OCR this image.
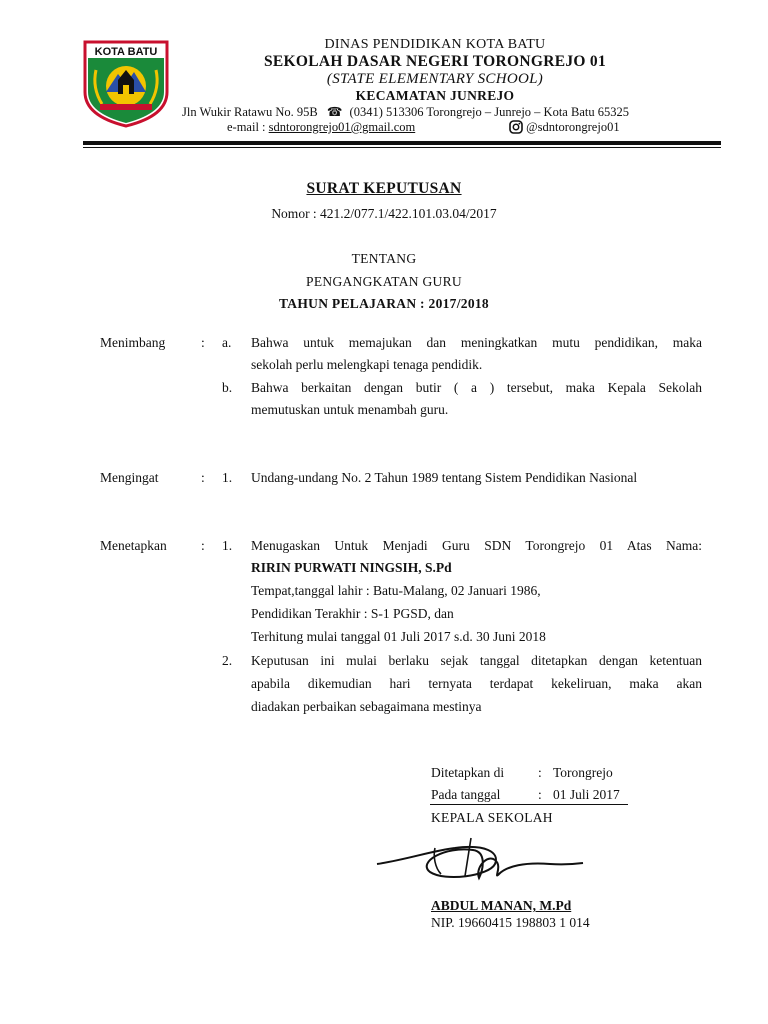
KOTA BATU	DINAS PENDIDIKAN KOTA BATU
SEKOLAH DASAR NEGERI TORONGREJO 01
(STATE ELEMENTARY SCHOOL)
KECAMATAN JUNREJO
Jln Wukir Ratawu No. 95B ☎ (0341) 513306 Torongrejo – Junrejo – Kota Batu 65325
e-mail : sdntorongrejo01@gmail.com	@sdntorongrejo01
SURAT KEPUTUSAN
Nomor : 421.2/077.1/422.101.03.04/2017
TENTANG
PENGANGKATAN GURU
TAHUN PELAJARAN : 2017/2018
Menimbang	: a. Bahwa untuk memajukan dan meningkatkan mutu pendidikan, maka
sekolah perlu melengkapi tenaga pendidik.
b. Bahwa berkaitan dengan butir ( a ) tersebut, maka Kepala Sekolah
memutuskan untuk menambah guru.
Mengingat	: 1. Undang-undang No. 2 Tahun 1989 tentang Sistem Pendidikan Nasional
Menetapkan	: 1. Menugaskan Untuk Menjadi Guru SDN Torongrejo 01 Atas Nama:
RIRIN PURWATI NINGSIH, S.Pd
Tempat,tanggal lahir : Batu-Malang, 02 Januari 1986,
Pendidikan Terakhir : S-1 PGSD, dan
Terhitung mulai tanggal 01 Juli 2017 s.d. 30 Juni 2018
2. Keputusan ini mulai berlaku sejak tanggal ditetapkan dengan ketentuan
apabila dikemudian hari ternyata terdapat kekeliruan, maka akan
diadakan perbaikan sebagaimana mestinya
Ditetapkan di	: Torongrejo
Pada tanggal	: 01 Juli 2017
KEPALA SEKOLAH
ABDUL MANAN, M.Pd
NIP. 19660415 198803 1 014
